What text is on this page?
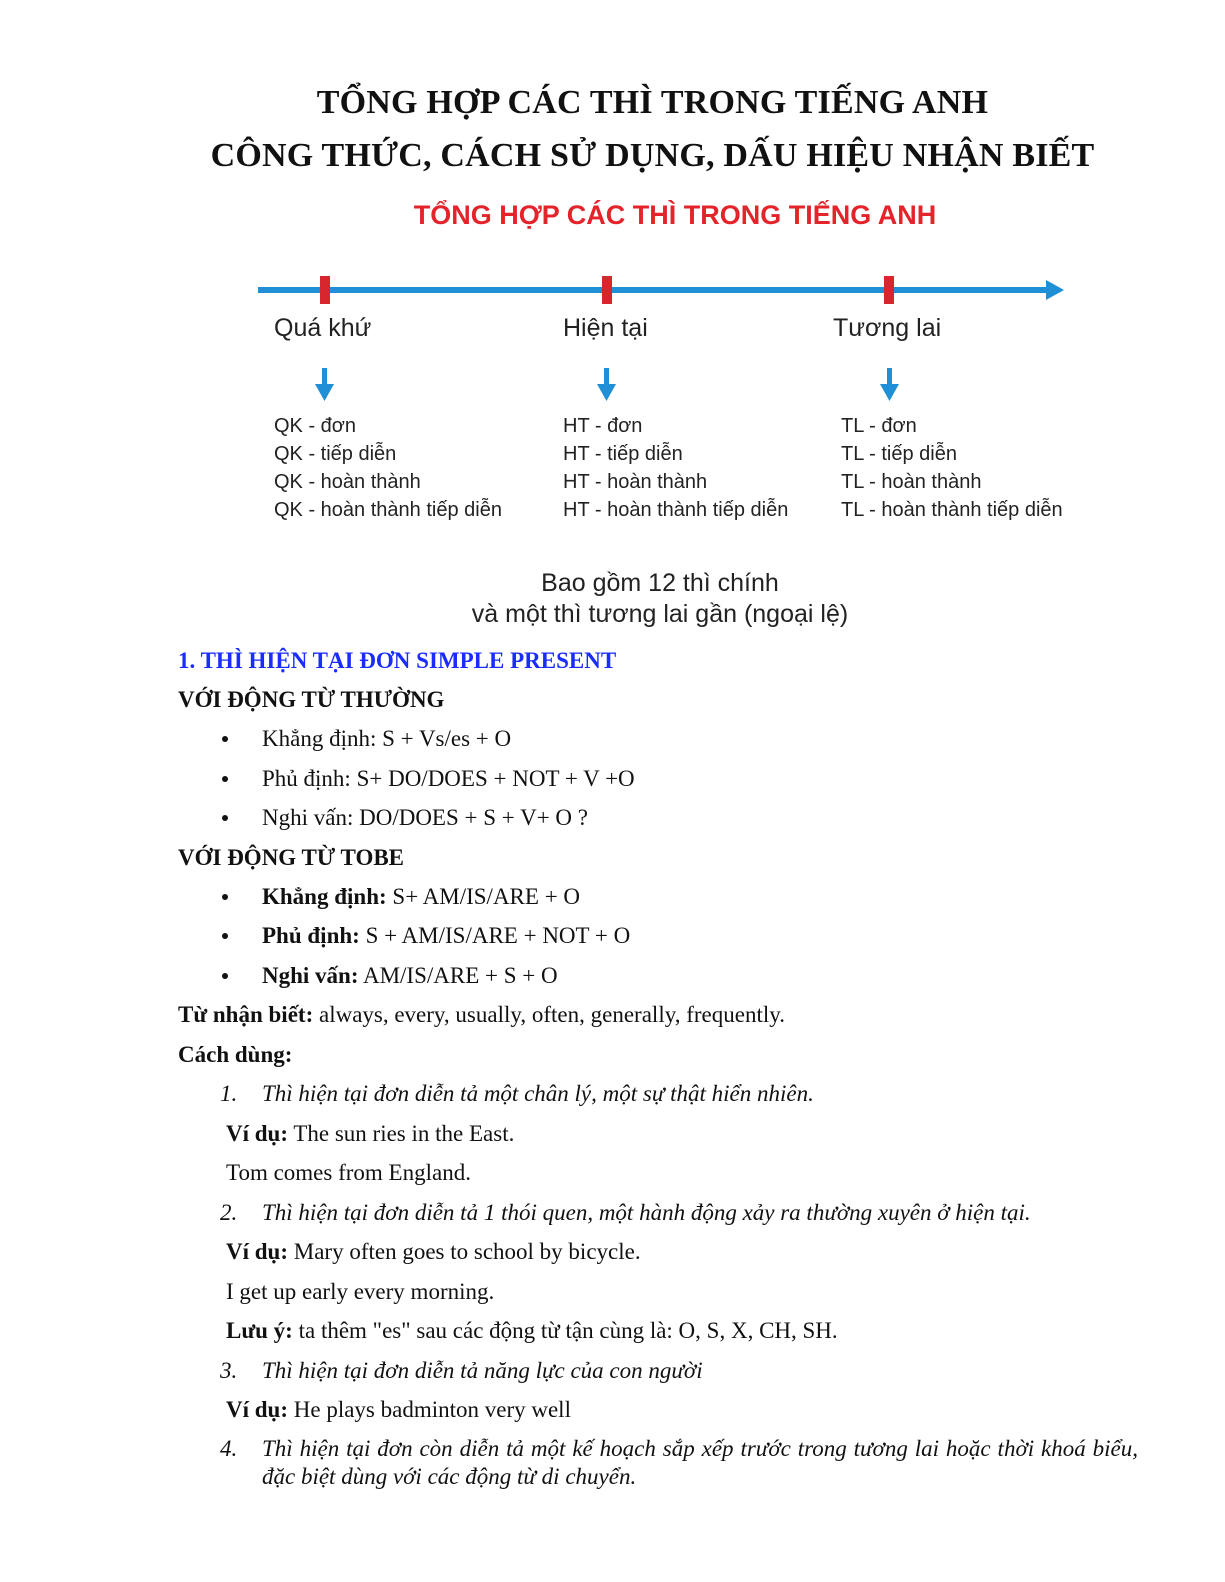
TỔNG HỢP CÁC THÌ TRONG TIẾNG ANH
CÔNG THỨC, CÁCH SỬ DỤNG, DẤU HIỆU NHẬN BIẾT
TỔNG HỢP CÁC THÌ TRONG TIẾNG ANH
Quá khứ	Hiện tại	Tương lai
QK - đơn
QK - tiếp diễn
QK - hoàn thành
QK - hoàn thành tiếp diễn
HT - đơn
HT - tiếp diễn
HT - hoàn thành
HT - hoàn thành tiếp diễn
TL - đơn
TL - tiếp diễn
TL - hoàn thành
TL - hoàn thành tiếp diễn
Bao gồm 12 thì chính
và một thì tương lai gần (ngoại lệ)

1. THÌ HIỆN TẠI ĐƠN SIMPLE PRESENT

VỚI ĐỘNG TỪ THƯỜNG

Khẳng định: S + Vs/es + O
Phủ định: S+ DO/DOES + NOT + V +O
Nghi vấn: DO/DOES + S + V+ O ?

VỚI ĐỘNG TỪ TOBE

Khẳng định: S+ AM/IS/ARE + O
Phủ định: S + AM/IS/ARE + NOT + O
Nghi vấn: AM/IS/ARE + S + O

Từ nhận biết: always, every, usually, often, generally, frequently.

Cách dùng:

1. Thì hiện tại đơn diễn tả một chân lý, một sự thật hiển nhiên.

Ví dụ: The sun ries in the East.

Tom comes from England.

2. Thì hiện tại đơn diễn tả 1 thói quen, một hành động xảy ra thường xuyên ở hiện tại.

Ví dụ: Mary often goes to school by bicycle.

I get up early every morning.

Lưu ý: ta thêm "es" sau các động từ tận cùng là: O, S, X, CH, SH.

3. Thì hiện tại đơn diễn tả năng lực của con người

Ví dụ: He plays badminton very well

4. Thì hiện tại đơn còn diễn tả một kế hoạch sắp xếp trước trong tương lai hoặc thời khoá biểu, đặc biệt dùng với các động từ di chuyển.
